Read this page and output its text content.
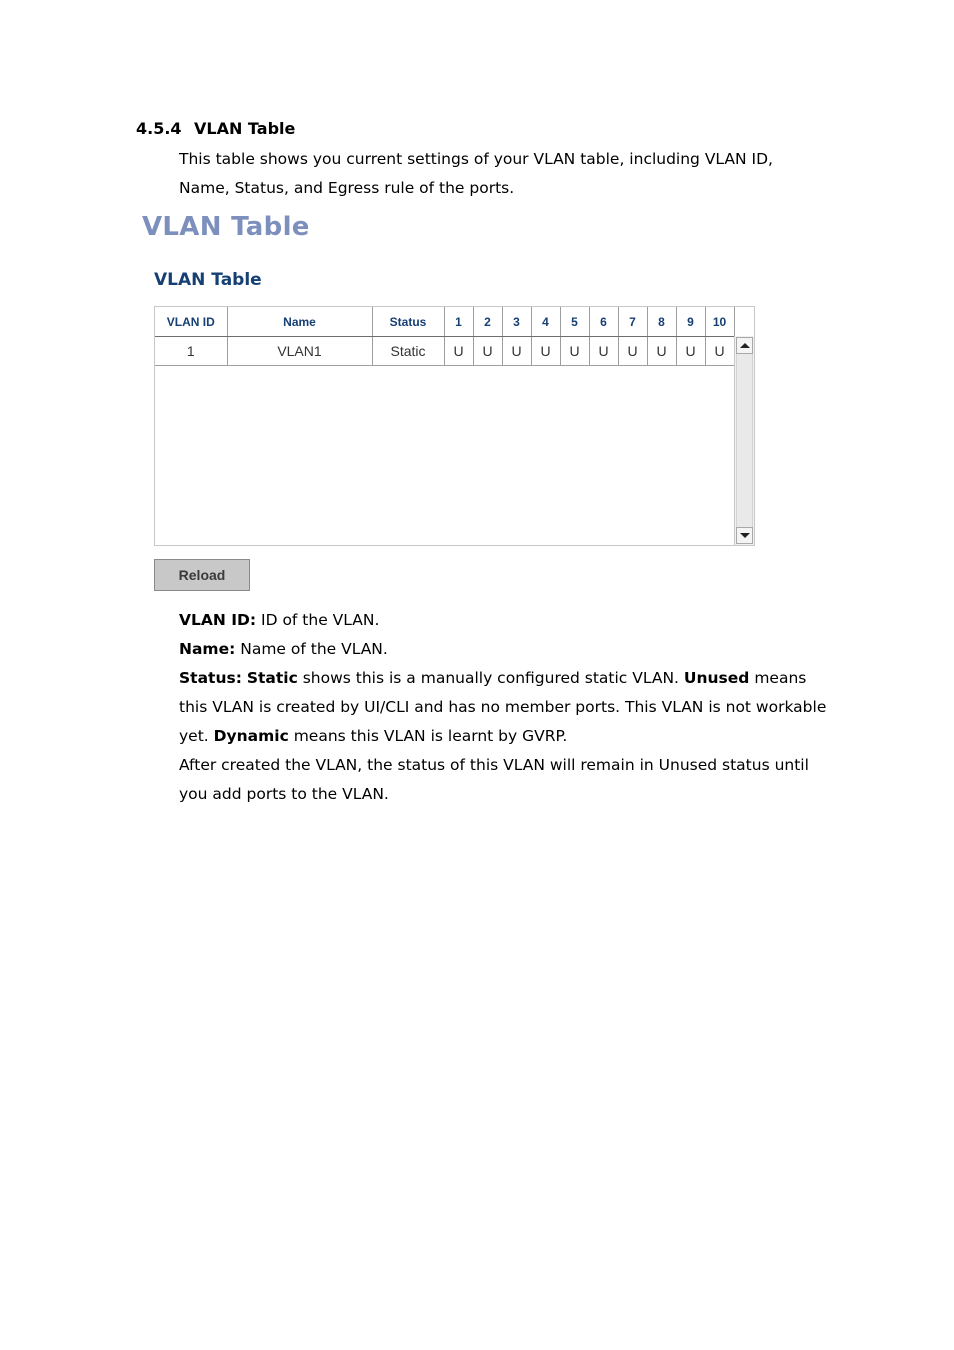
4.5.4 VLAN Table

This table shows you current settings of your VLAN table, including VLAN ID, Name, Status, and Egress rule of the ports.

VLAN Table
VLAN Table
VLAN ID	Name	Status	1	2	3	4	5	6	7	8	9	10
1	VLAN1	Static	U	U	U	U	U	U	U	U	U	U
Reload

VLAN ID: ID of the VLAN.

Name: Name of the VLAN.

Status: Static shows this is a manually configured static VLAN. Unused means this VLAN is created by UI/CLI and has no member ports. This VLAN is not workable yet. Dynamic means this VLAN is learnt by GVRP.

After created the VLAN, the status of this VLAN will remain in Unused status until you add ports to the VLAN.
